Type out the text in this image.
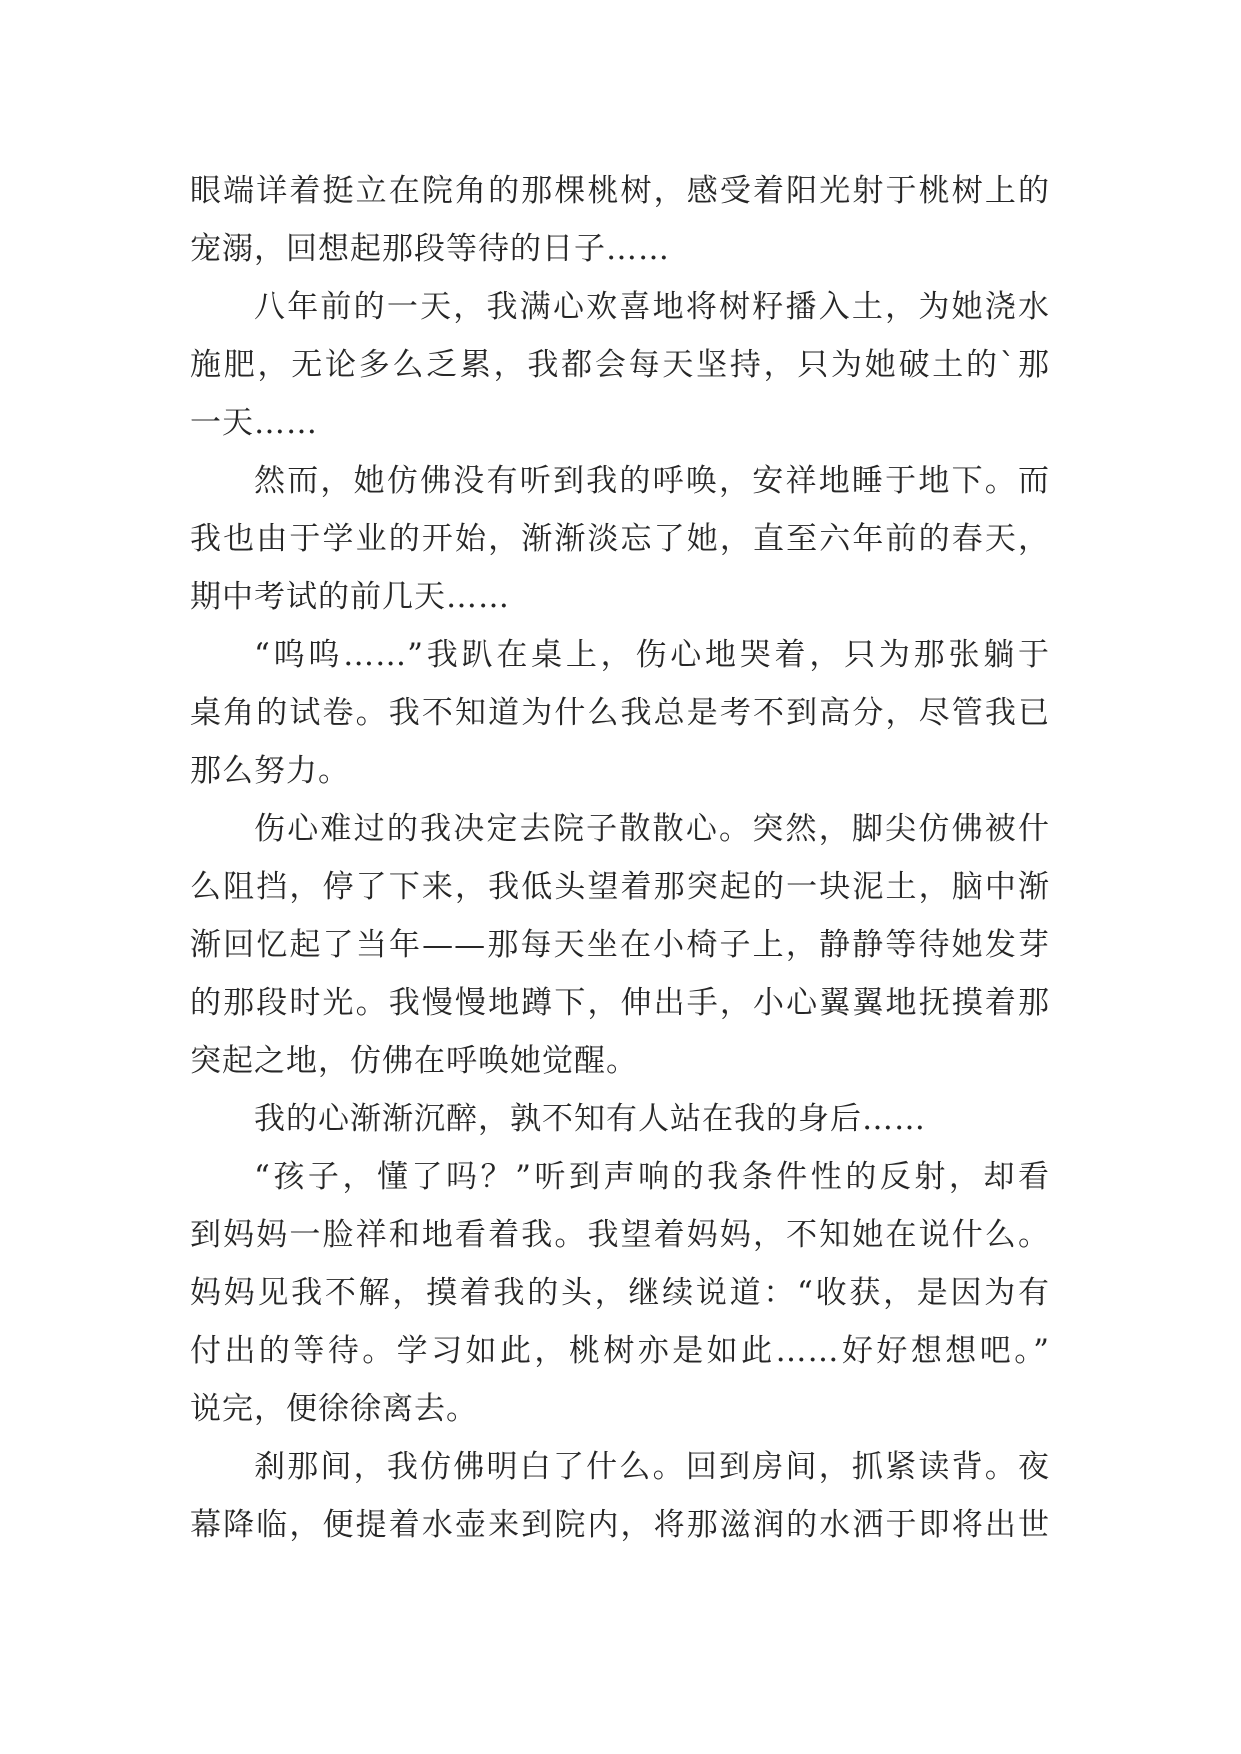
眼端详着挺立在院角的那棵桃树，感受着阳光射于桃树上的
宠溺，回想起那段等待的日子……
八年前的一天，我满心欢喜地将树籽播入土，为她浇水
施肥，无论多么乏累，我都会每天坚持，只为她破土的`那
一天……
然而，她仿佛没有听到我的呼唤，安祥地睡于地下。而
我也由于学业的开始，渐渐淡忘了她，直至六年前的春天，
期中考试的前几天……
“呜呜……”我趴在桌上，伤心地哭着，只为那张躺于
桌角的试卷。我不知道为什么我总是考不到高分，尽管我已
那么努力。
伤心难过的我决定去院子散散心。突然，脚尖仿佛被什
么阻挡，停了下来，我低头望着那突起的一块泥土，脑中渐
渐回忆起了当年——那每天坐在小椅子上，静静等待她发芽
的那段时光。我慢慢地蹲下，伸出手，小心翼翼地抚摸着那
突起之地，仿佛在呼唤她觉醒。
我的心渐渐沉醉，孰不知有人站在我的身后……
“孩子，懂了吗？”听到声响的我条件性的反射，却看
到妈妈一脸祥和地看着我。我望着妈妈，不知她在说什么。
妈妈见我不解，摸着我的头，继续说道：“收获，是因为有
付出的等待。学习如此，桃树亦是如此……好好想想吧。”
说完，便徐徐离去。
刹那间，我仿佛明白了什么。回到房间，抓紧读背。夜
幕降临，便提着水壶来到院内，将那滋润的水洒于即将出世
